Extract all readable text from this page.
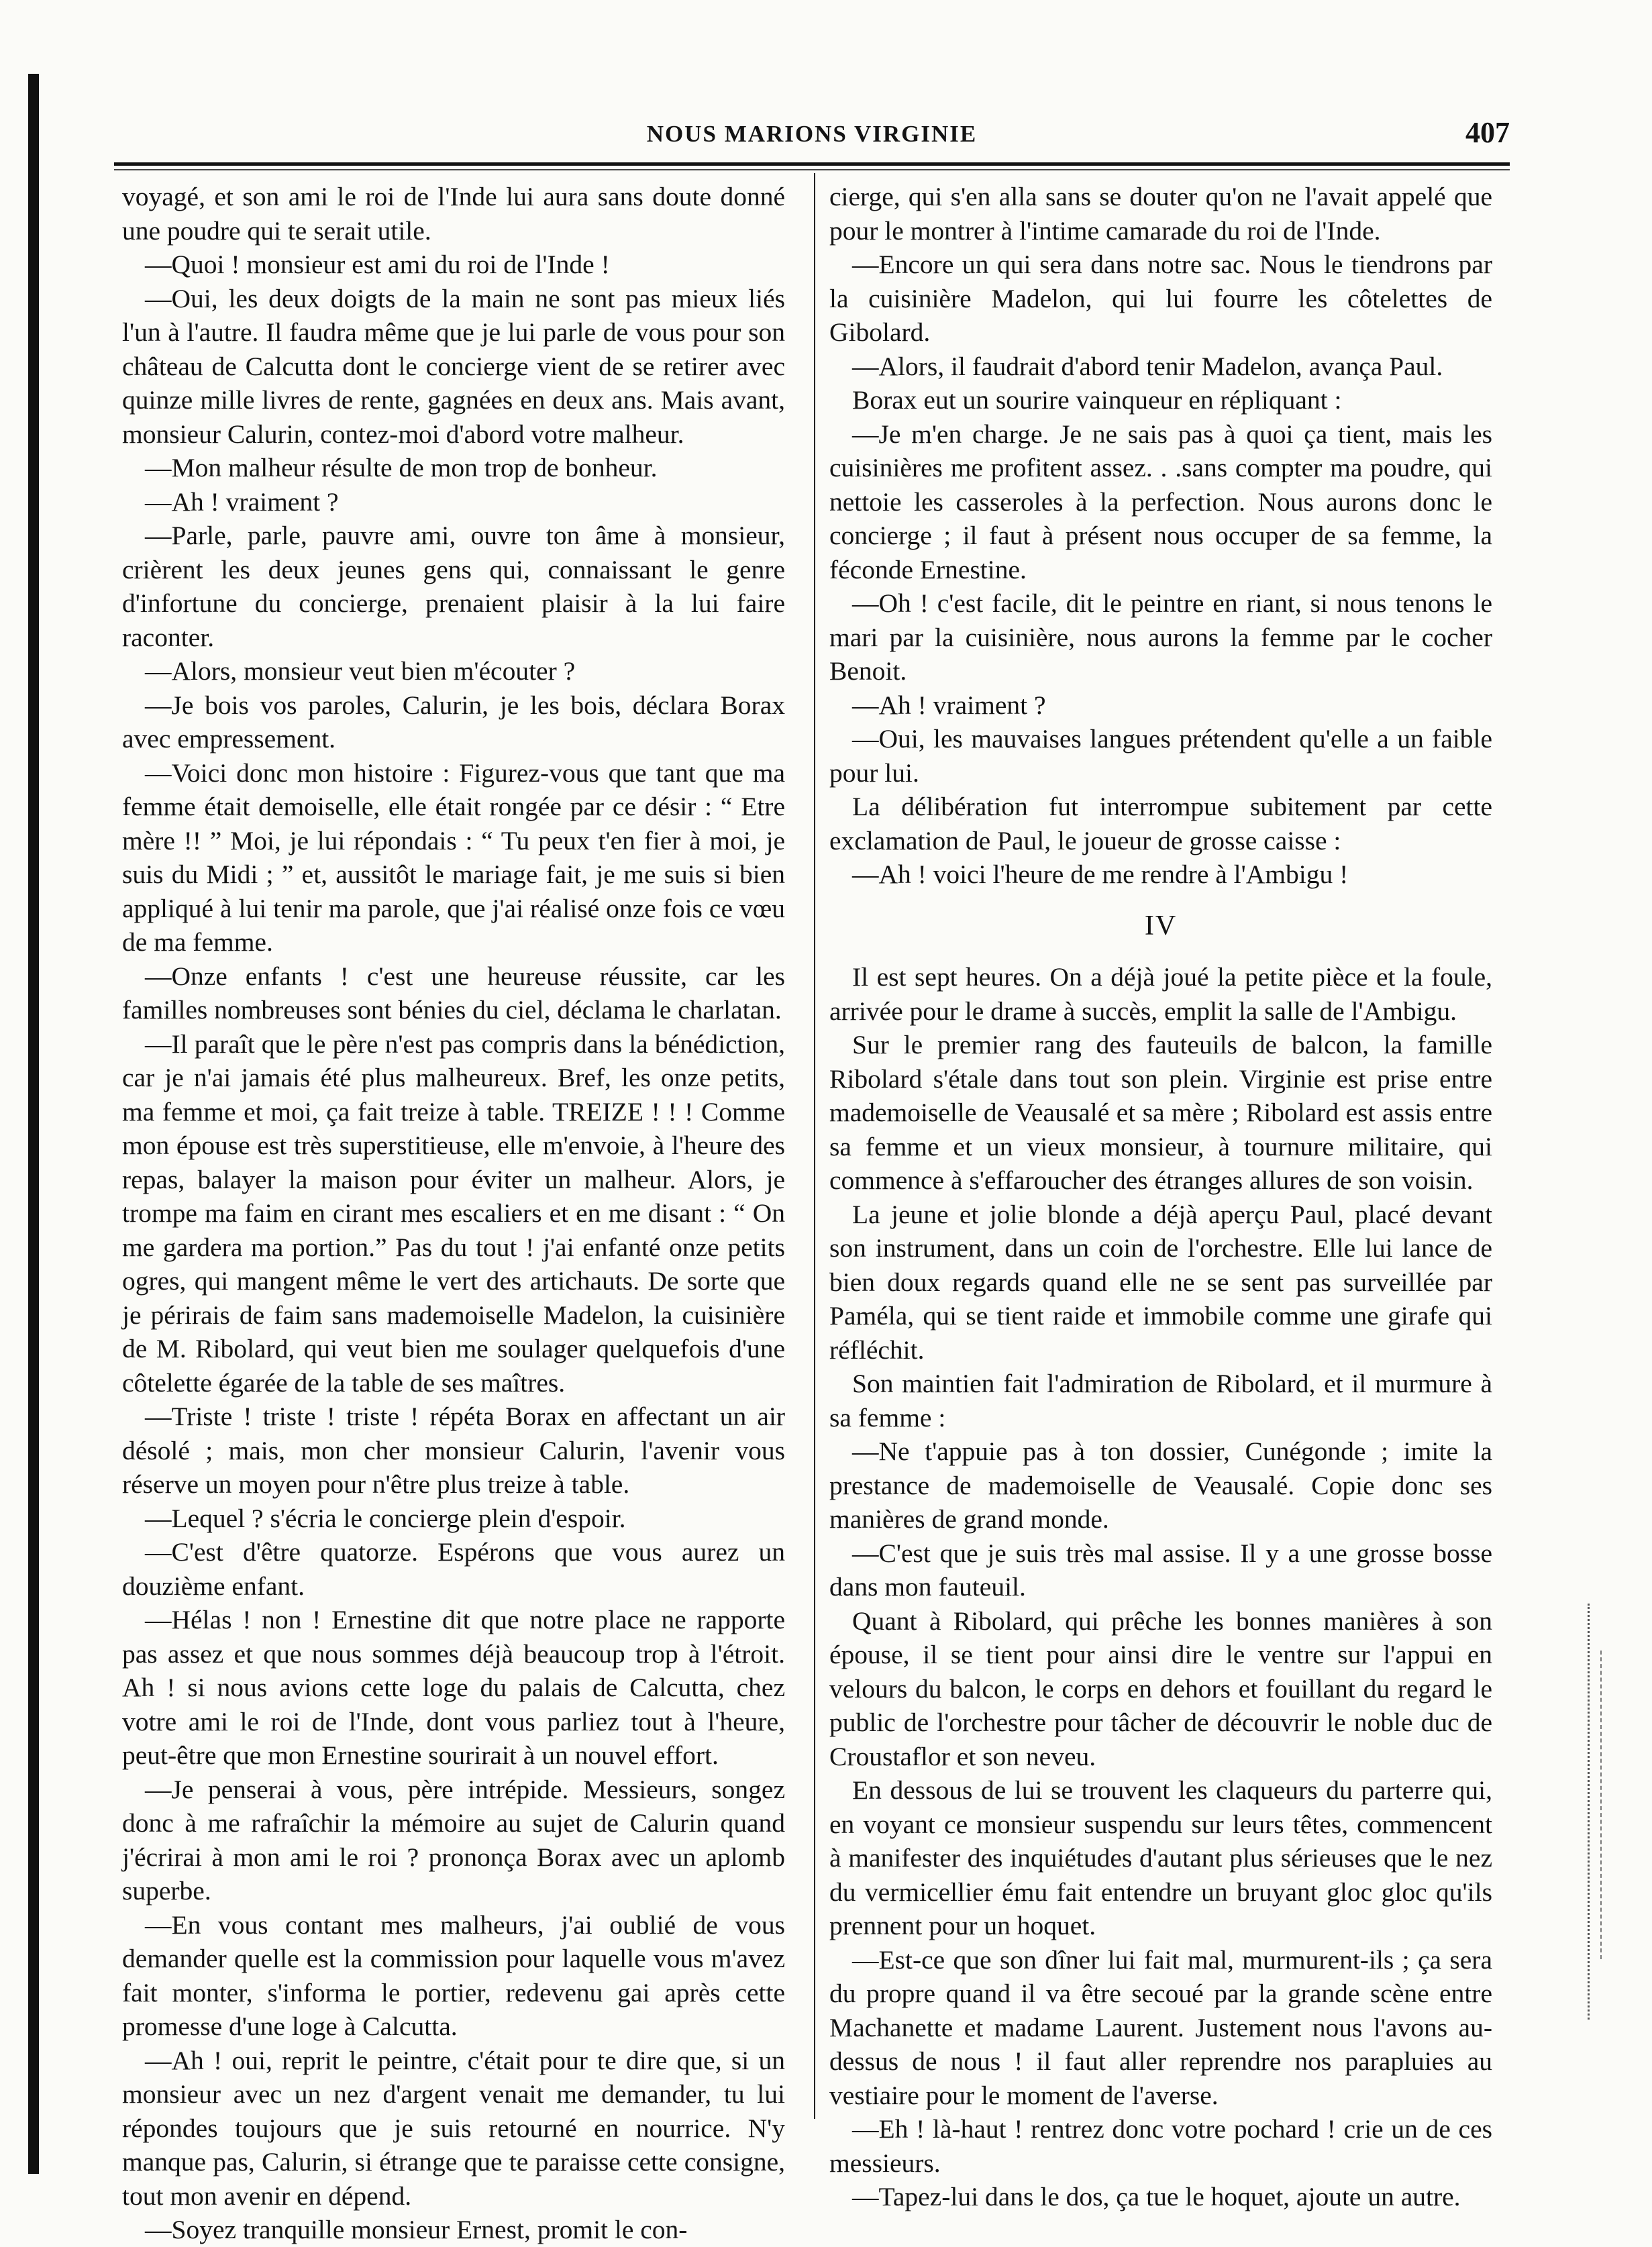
NOUS MARIONS VIRGINIE	407

voyagé, et son ami le roi de l'Inde lui aura sans doute donné une poudre qui te serait utile.

—Quoi ! monsieur est ami du roi de l'Inde !

—Oui, les deux doigts de la main ne sont pas mieux liés l'un à l'autre. Il faudra même que je lui parle de vous pour son château de Calcutta dont le concierge vient de se retirer avec quinze mille livres de rente, gagnées en deux ans. Mais avant, monsieur Calurin, contez-moi d'abord votre malheur.

—Mon malheur résulte de mon trop de bonheur.

—Ah ! vraiment ?

—Parle, parle, pauvre ami, ouvre ton âme à monsieur, crièrent les deux jeunes gens qui, connaissant le genre d'infortune du concierge, prenaient plaisir à la lui faire raconter.

—Alors, monsieur veut bien m'écouter ?

—Je bois vos paroles, Calurin, je les bois, déclara Borax avec empressement.

—Voici donc mon histoire : Figurez-vous que tant que ma femme était demoiselle, elle était rongée par ce désir : “ Etre mère !! ” Moi, je lui répondais : “ Tu peux t'en fier à moi, je suis du Midi ; ” et, aussitôt le mariage fait, je me suis si bien appliqué à lui tenir ma parole, que j'ai réalisé onze fois ce vœu de ma femme.

—Onze enfants ! c'est une heureuse réussite, car les familles nombreuses sont bénies du ciel, déclama le charlatan.

—Il paraît que le père n'est pas compris dans la bénédiction, car je n'ai jamais été plus malheureux. Bref, les onze petits, ma femme et moi, ça fait treize à table. TREIZE ! ! ! Comme mon épouse est très superstitieuse, elle m'envoie, à l'heure des repas, balayer la maison pour éviter un malheur. Alors, je trompe ma faim en cirant mes escaliers et en me disant : “ On me gardera ma portion.” Pas du tout ! j'ai enfanté onze petits ogres, qui mangent même le vert des artichauts. De sorte que je périrais de faim sans mademoiselle Madelon, la cuisinière de M. Ribolard, qui veut bien me soulager quelquefois d'une côtelette égarée de la table de ses maîtres.

—Triste ! triste ! triste ! répéta Borax en affectant un air désolé ; mais, mon cher monsieur Calurin, l'avenir vous réserve un moyen pour n'être plus treize à table.

—Lequel ? s'écria le concierge plein d'espoir.

—C'est d'être quatorze. Espérons que vous aurez un douzième enfant.

—Hélas ! non ! Ernestine dit que notre place ne rapporte pas assez et que nous sommes déjà beaucoup trop à l'étroit. Ah ! si nous avions cette loge du palais de Calcutta, chez votre ami le roi de l'Inde, dont vous parliez tout à l'heure, peut-être que mon Ernestine sourirait à un nouvel effort.

—Je penserai à vous, père intrépide. Messieurs, songez donc à me rafraîchir la mémoire au sujet de Calurin quand j'écrirai à mon ami le roi ? prononça Borax avec un aplomb superbe.

—En vous contant mes malheurs, j'ai oublié de vous demander quelle est la commission pour laquelle vous m'avez fait monter, s'informa le portier, redevenu gai après cette promesse d'une loge à Calcutta.

—Ah ! oui, reprit le peintre, c'était pour te dire que, si un monsieur avec un nez d'argent venait me demander, tu lui répondes toujours que je suis retourné en nourrice. N'y manque pas, Calurin, si étrange que te paraisse cette consigne, tout mon avenir en dépend.

—Soyez tranquille monsieur Ernest, promit le con-

cierge, qui s'en alla sans se douter qu'on ne l'avait appelé que pour le montrer à l'intime camarade du roi de l'Inde.

—Encore un qui sera dans notre sac. Nous le tiendrons par la cuisinière Madelon, qui lui fourre les côtelettes de Gibolard.

—Alors, il faudrait d'abord tenir Madelon, avança Paul.

Borax eut un sourire vainqueur en répliquant :

—Je m'en charge. Je ne sais pas à quoi ça tient, mais les cuisinières me profitent assez. . .sans compter ma poudre, qui nettoie les casseroles à la perfection. Nous aurons donc le concierge ; il faut à présent nous occuper de sa femme, la féconde Ernestine.

—Oh ! c'est facile, dit le peintre en riant, si nous tenons le mari par la cuisinière, nous aurons la femme par le cocher Benoit.

—Ah ! vraiment ?

—Oui, les mauvaises langues prétendent qu'elle a un faible pour lui.

La délibération fut interrompue subitement par cette exclamation de Paul, le joueur de grosse caisse :

—Ah ! voici l'heure de me rendre à l'Ambigu !

IV

Il est sept heures. On a déjà joué la petite pièce et la foule, arrivée pour le drame à succès, emplit la salle de l'Ambigu.

Sur le premier rang des fauteuils de balcon, la famille Ribolard s'étale dans tout son plein. Virginie est prise entre mademoiselle de Veausalé et sa mère ; Ribolard est assis entre sa femme et un vieux monsieur, à tournure militaire, qui commence à s'effaroucher des étranges allures de son voisin.

La jeune et jolie blonde a déjà aperçu Paul, placé devant son instrument, dans un coin de l'orchestre. Elle lui lance de bien doux regards quand elle ne se sent pas surveillée par Paméla, qui se tient raide et immobile comme une girafe qui réfléchit.

Son maintien fait l'admiration de Ribolard, et il murmure à sa femme :

—Ne t'appuie pas à ton dossier, Cunégonde ; imite la prestance de mademoiselle de Veausalé. Copie donc ses manières de grand monde.

—C'est que je suis très mal assise. Il y a une grosse bosse dans mon fauteuil.

Quant à Ribolard, qui prêche les bonnes manières à son épouse, il se tient pour ainsi dire le ventre sur l'appui en velours du balcon, le corps en dehors et fouillant du regard le public de l'orchestre pour tâcher de découvrir le noble duc de Croustaflor et son neveu.

En dessous de lui se trouvent les claqueurs du parterre qui, en voyant ce monsieur suspendu sur leurs têtes, commencent à manifester des inquiétudes d'autant plus sérieuses que le nez du vermicellier ému fait entendre un bruyant gloc gloc qu'ils prennent pour un hoquet.

—Est-ce que son dîner lui fait mal, murmurent-ils ; ça sera du propre quand il va être secoué par la grande scène entre Machanette et madame Laurent. Justement nous l'avons au-dessus de nous ! il faut aller reprendre nos parapluies au vestiaire pour le moment de l'averse.

—Eh ! là-haut ! rentrez donc votre pochard ! crie un de ces messieurs.

—Tapez-lui dans le dos, ça tue le hoquet, ajoute un autre.
